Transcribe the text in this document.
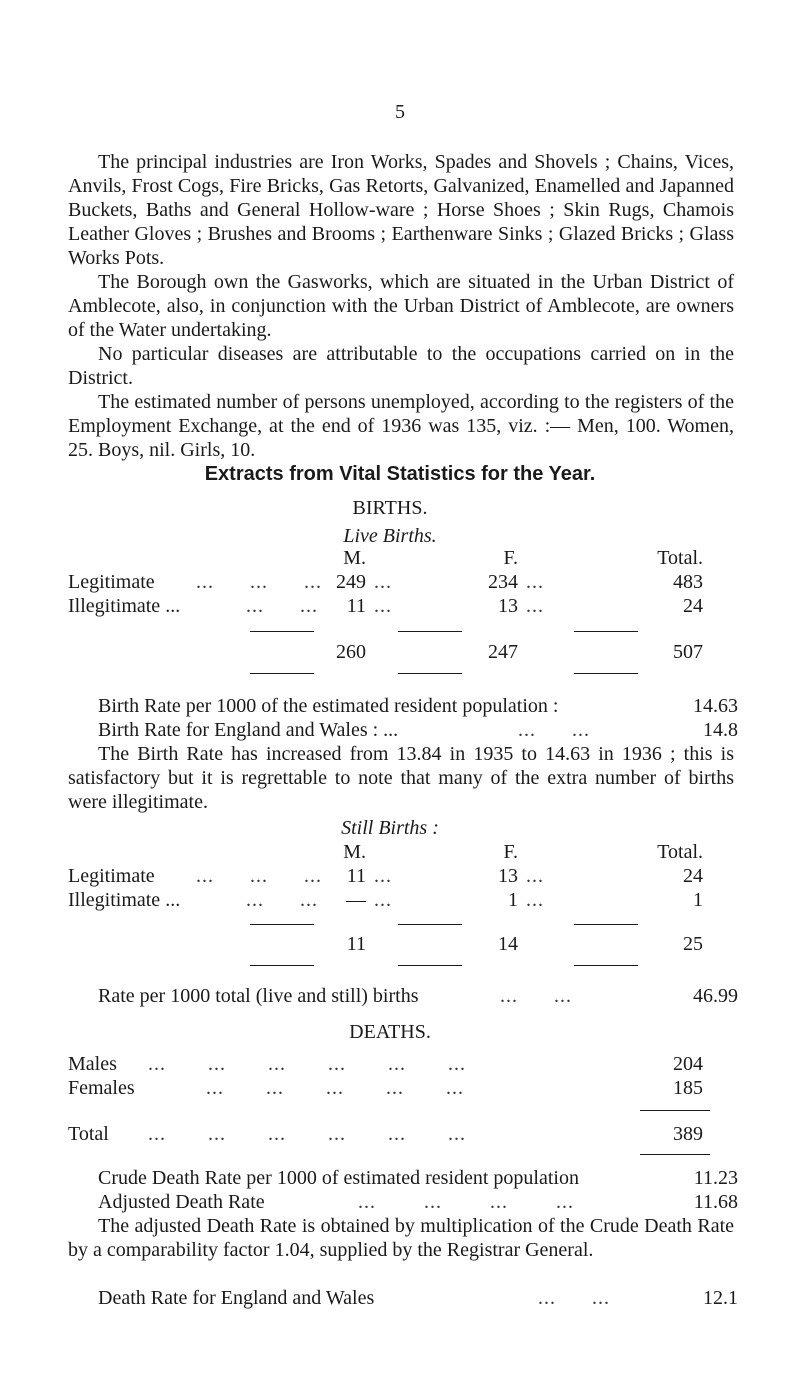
5

The principal industries are Iron Works, Spades and Shovels ; Chains, Vices, Anvils, Frost Cogs, Fire Bricks, Gas Retorts, Galvanized, Enamelled and Japanned Buckets, Baths and General Hollow-ware ; Horse Shoes ; Skin Rugs, Chamois Leather Gloves ; Brushes and Brooms ; Earthenware Sinks ; Glazed Bricks ; Glass Works Pots.

The Borough own the Gasworks, which are situated in the Urban District of Amblecote, also, in conjunction with the Urban District of Amblecote, are owners of the Water undertaking.

No particular diseases are attributable to the occupations carried on in the District.

The estimated number of persons unemployed, according to the registers of the Employment Exchange, at the end of 1936 was 135, viz. :— Men, 100. Women, 25. Boys, nil. Girls, 10.

Extracts from Vital Statistics for the Year.
BIRTHS.
Live Births.
M.	F.	Total.
Legitimate ...      ...      ... 249 ...	234 ...	483
Illegitimate ...	...      ... 11 ...	13 ...	24
260	247	507
Birth Rate per 1000 of the estimated resident population :	14.63
Birth Rate for England and Wales : ...	...      ...	14.8

The Birth Rate has increased from 13.84 in 1935 to 14.63 in 1936 ; this is satisfactory but it is regrettable to note that many of the extra number of births were illegitimate.

Still Births :
M.	F.	Total.
Legitimate ...      ...      ... 11 ...	13 ...	24
Illegitimate ...	...      ... — ...	1 ...	1
11	14	25
Rate per 1000 total (live and still) births	...      ...	46.99
DEATHS.
Males ...       ...       ...       ...       ...       ...	204
Females	...       ...       ...       ...       ...	185
Total ...       ...       ...       ...       ...       ...	389
Crude Death Rate per 1000 of estimated resident population	11.23
Adjusted Death Rate	...        ...        ...        ...	11.68

The adjusted Death Rate is obtained by multiplication of the Crude Death Rate by a comparability factor 1.04, supplied by the Registrar General.

Death Rate for England and Wales	...      ...	12.1
